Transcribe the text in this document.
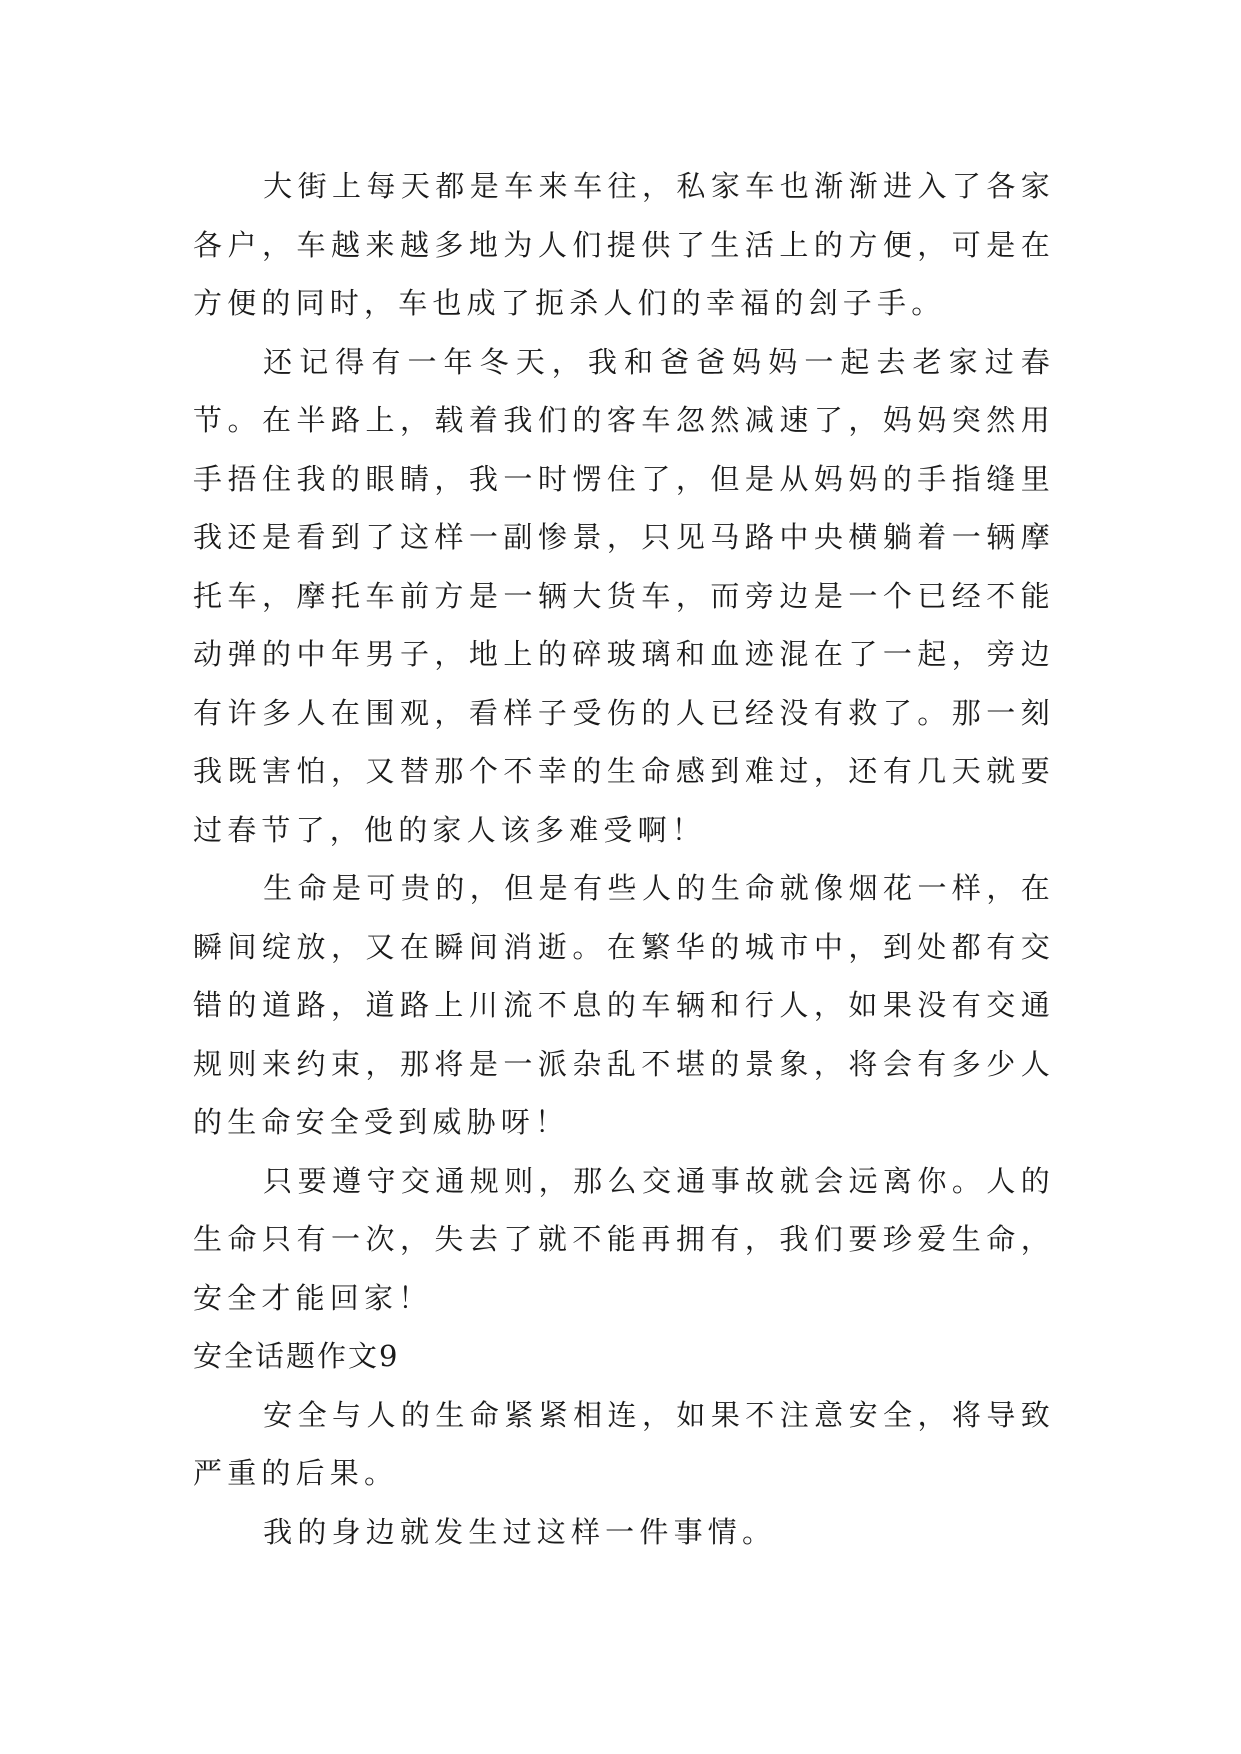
大街上每天都是车来车往，私家车也渐渐进入了各家各户，车越来越多地为人们提供了生活上的方便，可是在方便的同时，车也成了扼杀人们的幸福的刽子手。

还记得有一年冬天，我和爸爸妈妈一起去老家过春节。在半路上，载着我们的客车忽然减速了，妈妈突然用手捂住我的眼睛，我一时愣住了，但是从妈妈的手指缝里我还是看到了这样一副惨景，只见马路中央横躺着一辆摩托车，摩托车前方是一辆大货车，而旁边是一个已经不能动弹的中年男子，地上的碎玻璃和血迹混在了一起，旁边有许多人在围观，看样子受伤的人已经没有救了。那一刻我既害怕，又替那个不幸的生命感到难过，还有几天就要过春节了，他的家人该多难受啊！

生命是可贵的，但是有些人的生命就像烟花一样，在瞬间绽放，又在瞬间消逝。在繁华的城市中，到处都有交错的道路，道路上川流不息的车辆和行人，如果没有交通规则来约束，那将是一派杂乱不堪的景象，将会有多少人的生命安全受到威胁呀！

只要遵守交通规则，那么交通事故就会远离你。人的生命只有一次，失去了就不能再拥有，我们要珍爱生命，安全才能回家！

安全话题作文9

安全与人的生命紧紧相连，如果不注意安全，将导致严重的后果。

我的身边就发生过这样一件事情。
